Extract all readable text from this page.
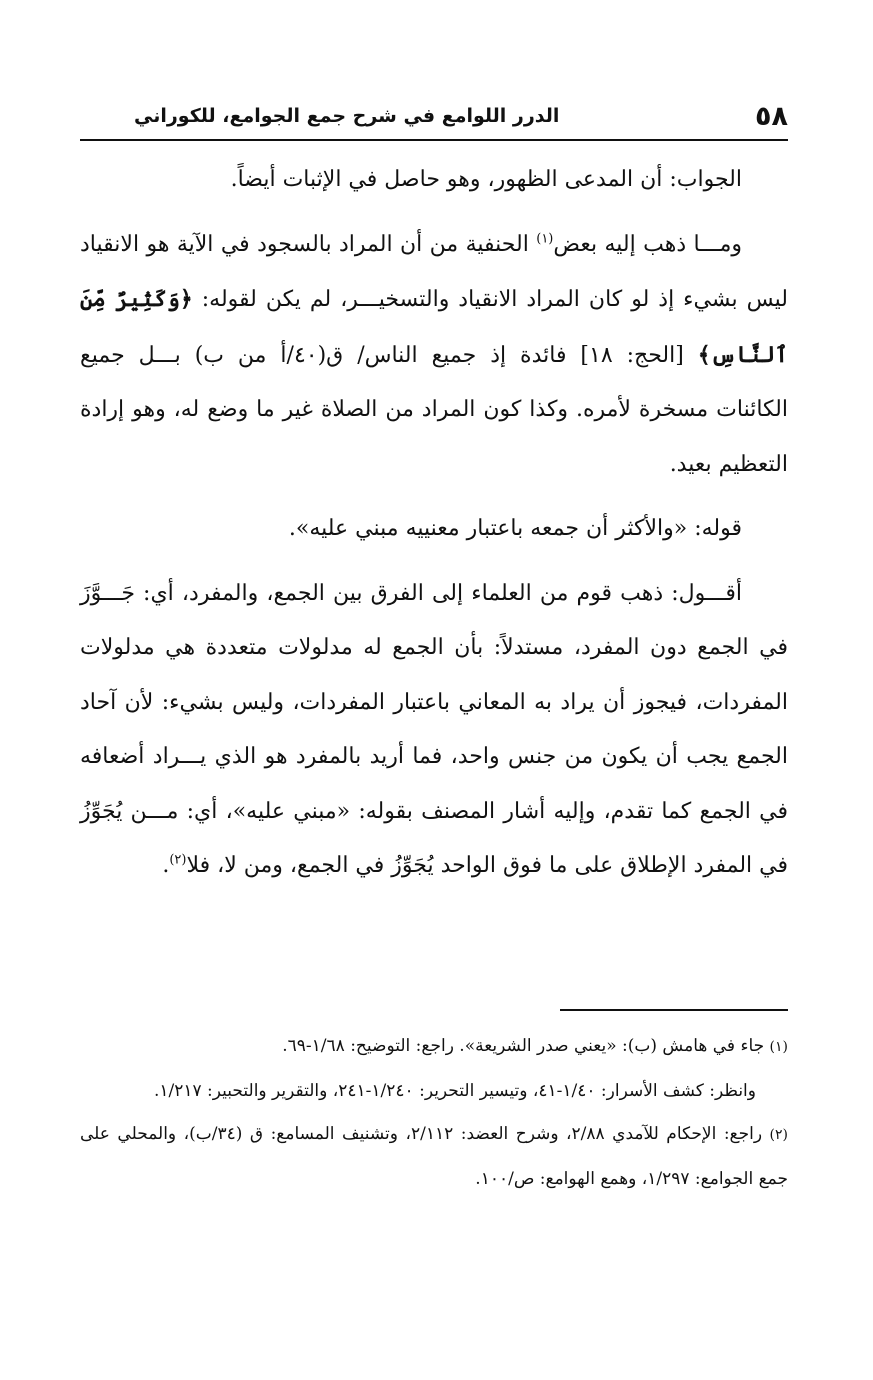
٥٨
الدرر اللوامع في شرح جمع الجوامع، للكوراني

الجواب: أن المدعى الظهور، وهو حاصل في الإثبات أيضاً.

ومـــا ذهب إليه بعض$^{(١)}$ الحنفية من أن المراد بالسجود في الآية هو الانقياد ليس بشيء إذ لو كان المراد الانقياد والتسخيـــر، لم يكن لقوله: ﴿وَكَثِيرٌ مِّنَ ٱلنَّاسِ﴾ [الحج: ١٨] فائدة إذ جميع الناس/ ق(٤٠/أ من ب) بـــل جميع الكائنات مسخرة لأمره. وكذا كون المراد من الصلاة غير ما وضع له، وهو إرادة التعظيم بعيد.

قوله: «والأكثر أن جمعه باعتبار معنييه مبني عليه».

أقـــول: ذهب قوم من العلماء إلى الفرق بين الجمع، والمفرد، أي: جَـــوَّزَ في الجمع دون المفرد، مستدلاً: بأن الجمع له مدلولات متعددة هي مدلولات المفردات، فيجوز أن يراد به المعاني باعتبار المفردات، وليس بشيء: لأن آحاد الجمع يجب أن يكون من جنس واحد، فما أريد بالمفرد هو الذي يـــراد أضعافه في الجمع كما تقدم، وإليه أشار المصنف بقوله: «مبني عليه»، أي: مـــن يُجَوِّزُ في المفرد الإطلاق على ما فوق الواحد يُجَوِّزُ في الجمع، ومن لا، فلا$^{(٢)}$.

(١) جاء في هامش (ب): «يعني صدر الشريعة». راجع: التوضيح: ١/٦٨-٦٩.

وانظر: كشف الأسرار: ١/٤٠-٤١، وتيسير التحرير: ١/٢٤٠-٢٤١، والتقرير والتحبير: ١/٢١٧.

(٢) راجع: الإحكام للآمدي ٢/٨٨، وشرح العضد: ٢/١١٢، وتشنيف المسامع: ق (٣٤/ب)، والمحلي على جمع الجوامع: ١/٢٩٧، وهمع الهوامع: ص/١٠٠.
